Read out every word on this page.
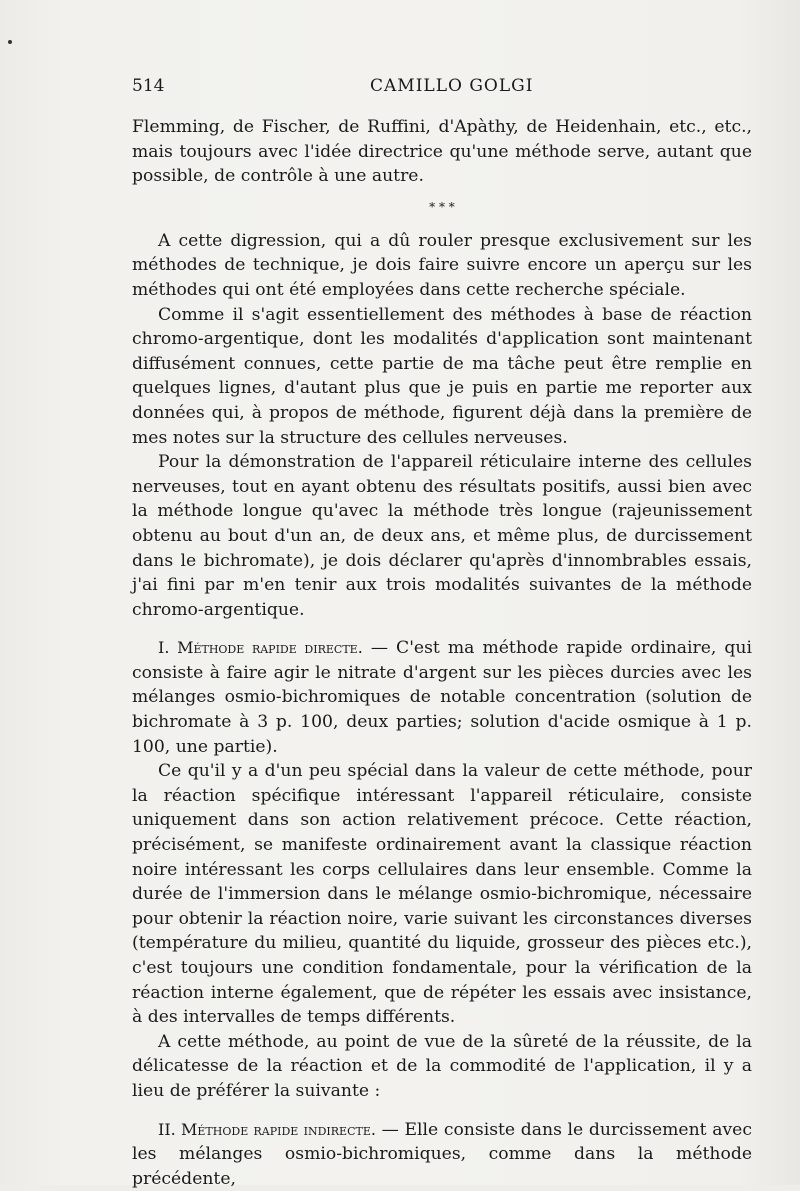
514	CAMILLO GOLGI

Flemming, de Fischer, de Ruffini, d'Apàthy, de Heidenhain, etc., etc., mais toujours avec l'idée directrice qu'une méthode serve, autant que possible, de contrôle à une autre.

* * *

A cette digression, qui a dû rouler presque exclusivement sur les méthodes de technique, je dois faire suivre encore un aperçu sur les méthodes qui ont été employées dans cette recherche spéciale.

Comme il s'agit essentiellement des méthodes à base de réaction chromo-argentique, dont les modalités d'application sont maintenant diffusément connues, cette partie de ma tâche peut être remplie en quelques lignes, d'autant plus que je puis en partie me reporter aux données qui, à propos de méthode, figurent déjà dans la première de mes notes sur la structure des cellules nerveuses.

Pour la démonstration de l'appareil réticulaire interne des cellules nerveuses, tout en ayant obtenu des résultats positifs, aussi bien avec la méthode longue qu'avec la méthode très longue (rajeunissement obtenu au bout d'un an, de deux ans, et même plus, de durcissement dans le bichromate), je dois déclarer qu'après d'innombrables essais, j'ai fini par m'en tenir aux trois modalités suivantes de la méthode chromo-argentique.

I. Méthode rapide directe. — C'est ma méthode rapide ordinaire, qui consiste à faire agir le nitrate d'argent sur les pièces durcies avec les mélanges osmio-bichromiques de notable concentration (solution de bichromate à 3 p. 100, deux parties; solution d'acide osmique à 1 p. 100, une partie).

Ce qu'il y a d'un peu spécial dans la valeur de cette méthode, pour la réaction spécifique intéressant l'appareil réticulaire, consiste uniquement dans son action relativement précoce. Cette réaction, précisément, se manifeste ordinairement avant la classique réaction noire intéressant les corps cellulaires dans leur ensemble. Comme la durée de l'immersion dans le mélange osmio-bichromique, nécessaire pour obtenir la réaction noire, varie suivant les circonstances diverses (température du milieu, quantité du liquide, grosseur des pièces etc.), c'est toujours une condition fondamentale, pour la vérification de la réaction interne également, que de répéter les essais avec insistance, à des intervalles de temps différents.

A cette méthode, au point de vue de la sûreté de la réussite, de la délicatesse de la réaction et de la commodité de l'application, il y a lieu de préférer la suivante :

II. Méthode rapide indirecte. — Elle consiste dans le durcissement avec les mélanges osmio-bichromiques, comme dans la méthode précédente,
